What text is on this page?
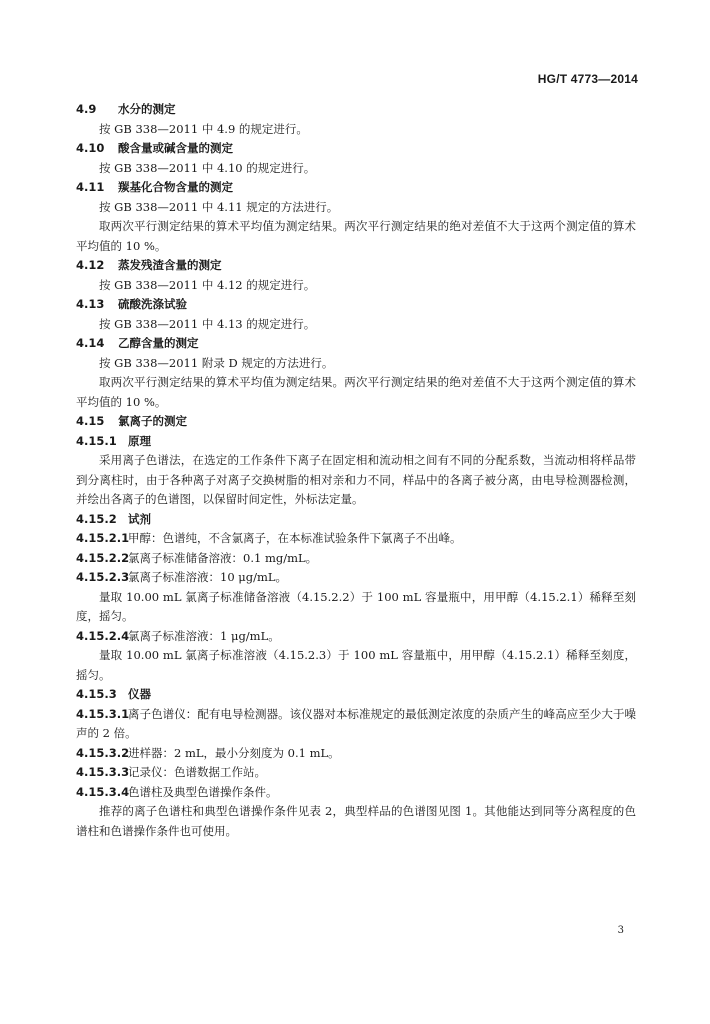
HG/T 4773—2014
4.9 水分的测定
按 GB 338—2011 中 4.9 的规定进行。
4.10 酸含量或碱含量的测定
按 GB 338—2011 中 4.10 的规定进行。
4.11 羰基化合物含量的测定
按 GB 338—2011 中 4.11 规定的方法进行。
取两次平行测定结果的算术平均值为测定结果。两次平行测定结果的绝对差值不大于这两个测定值的算术平均值的 10 %。
4.12 蒸发残渣含量的测定
按 GB 338—2011 中 4.12 的规定进行。
4.13 硫酸洗涤试验
按 GB 338—2011 中 4.13 的规定进行。
4.14 乙醇含量的测定
按 GB 338—2011 附录 D 规定的方法进行。
取两次平行测定结果的算术平均值为测定结果。两次平行测定结果的绝对差值不大于这两个测定值的算术平均值的 10 %。
4.15 氯离子的测定
4.15.1 原理
采用离子色谱法，在选定的工作条件下离子在固定相和流动相之间有不同的分配系数，当流动相将样品带到分离柱时，由于各种离子对离子交换树脂的相对亲和力不同，样品中的各离子被分离，由电导检测器检测，并绘出各离子的色谱图，以保留时间定性，外标法定量。
4.15.2 试剂
4.15.2.1甲醇：色谱纯，不含氯离子，在本标准试验条件下氯离子不出峰。
4.15.2.2氯离子标准储备溶液：0.1 mg/mL。
4.15.2.3氯离子标准溶液：10 μg/mL。
量取 10.00 mL 氯离子标准储备溶液（4.15.2.2）于 100 mL 容量瓶中，用甲醇（4.15.2.1）稀释至刻度，摇匀。
4.15.2.4氯离子标准溶液：1 μg/mL。
量取 10.00 mL 氯离子标准溶液（4.15.2.3）于 100 mL 容量瓶中，用甲醇（4.15.2.1）稀释至刻度，摇匀。
4.15.3 仪器
4.15.3.1离子色谱仪：配有电导检测器。该仪器对本标准规定的最低测定浓度的杂质产生的峰高应至少大于噪声的 2 倍。
4.15.3.2进样器：2 mL，最小分刻度为 0.1 mL。
4.15.3.3记录仪：色谱数据工作站。
4.15.3.4色谱柱及典型色谱操作条件。
推荐的离子色谱柱和典型色谱操作条件见表 2，典型样品的色谱图见图 1。其他能达到同等分离程度的色谱柱和色谱操作条件也可使用。
3
